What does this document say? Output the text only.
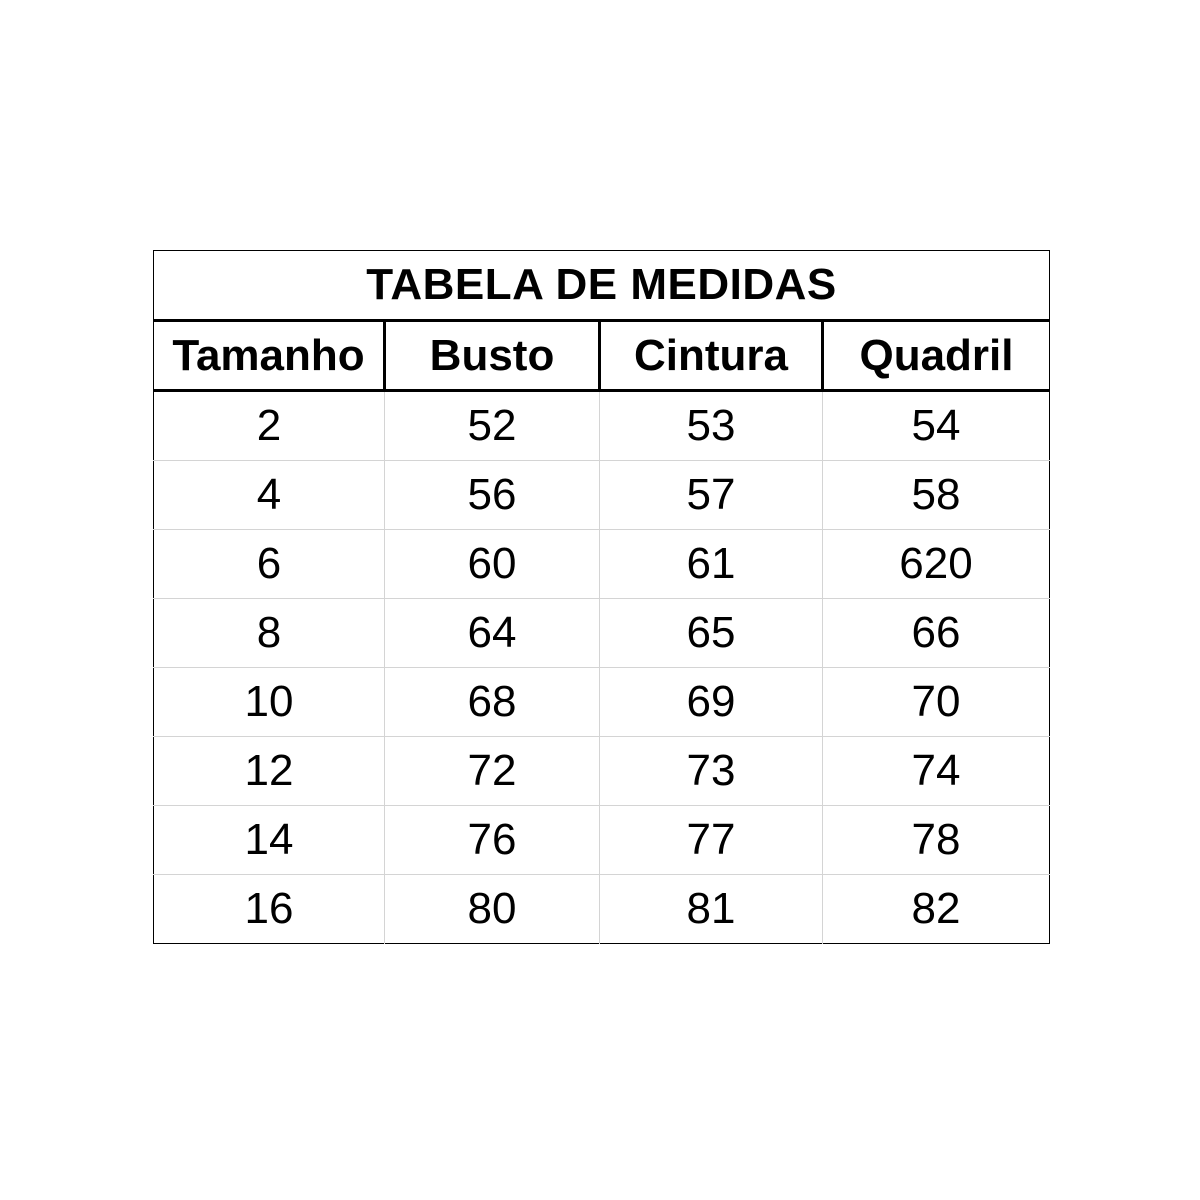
TABELA DE MEDIDAS			
Tamanho	Busto	Cintura	Quadril
2	52	53	54
4	56	57	58
6	60	61	620
8	64	65	66
10	68	69	70
12	72	73	74
14	76	77	78
16	80	81	82
